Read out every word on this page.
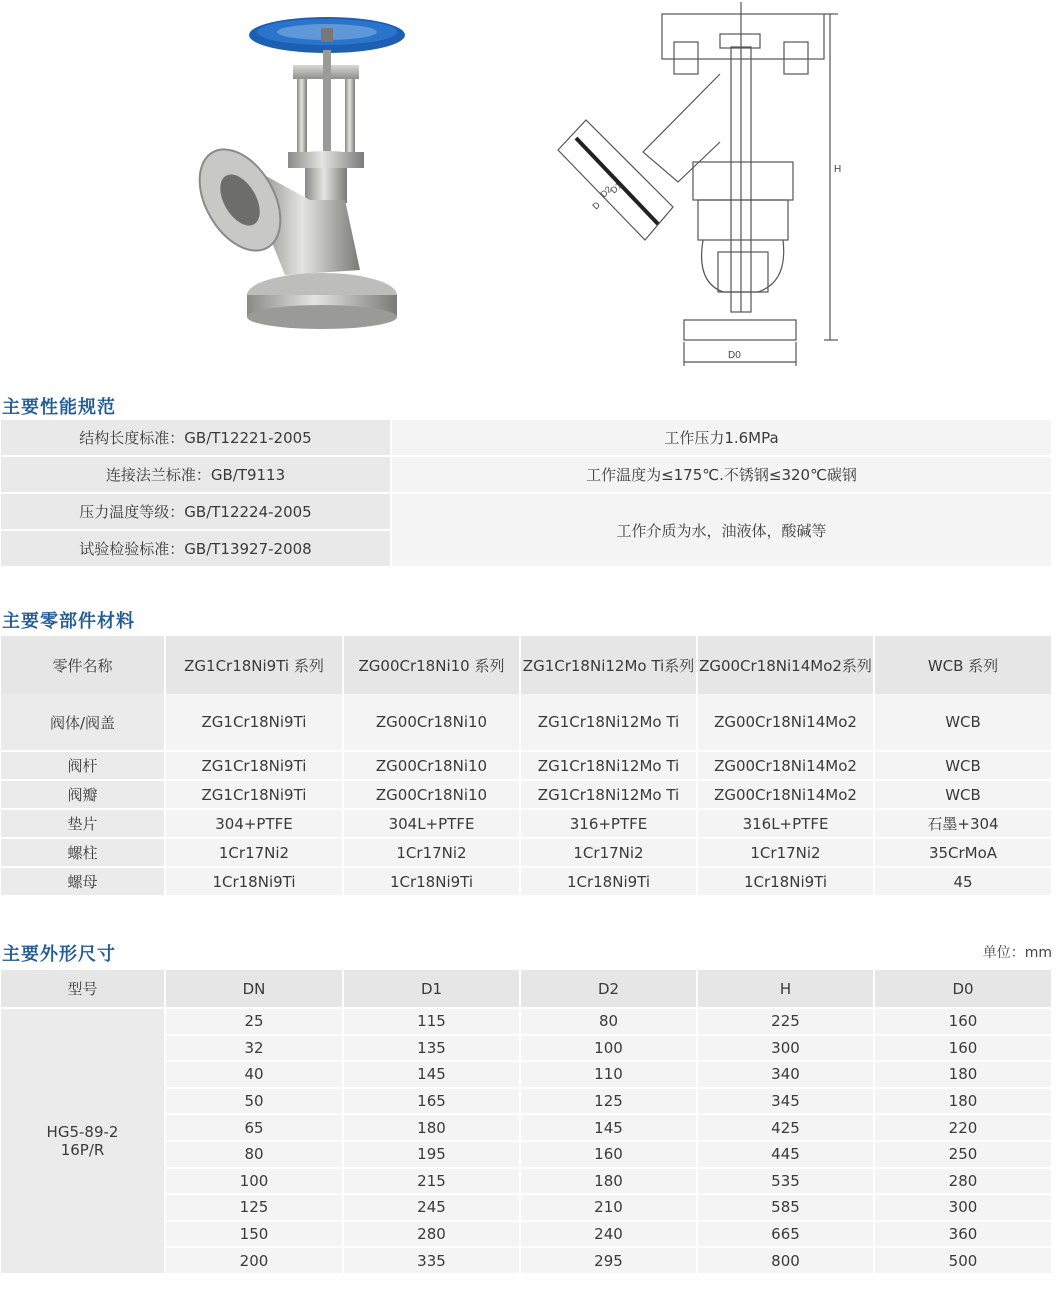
H
D0
D1
D2
D
主要性能规范
结构长度标准：GB/T12221-2005	工作压力1.6MPa
连接法兰标准：GB/T9113	工作温度为≤175℃.不锈钢≤320℃碳钢
压力温度等级：GB/T12224-2005	工作介质为水，油液体，酸碱等
试验检验标准：GB/T13927-2008	
主要零部件材料
零件名称	ZG1Cr18Ni9Ti 系列	ZG00Cr18Ni10 系列	ZG1Cr18Ni12Mo Ti系列	ZG00Cr18Ni14Mo2系列	WCB 系列
阀体/阀盖	ZG1Cr18Ni9Ti	ZG00Cr18Ni10	ZG1Cr18Ni12Mo Ti	ZG00Cr18Ni14Mo2	WCB
阀杆	ZG1Cr18Ni9Ti	ZG00Cr18Ni10	ZG1Cr18Ni12Mo Ti	ZG00Cr18Ni14Mo2	WCB
阀瓣	ZG1Cr18Ni9Ti	ZG00Cr18Ni10	ZG1Cr18Ni12Mo Ti	ZG00Cr18Ni14Mo2	WCB
垫片	304+PTFE	304L+PTFE	316+PTFE	316L+PTFE	石墨+304
螺柱	1Cr17Ni2	1Cr17Ni2	1Cr17Ni2	1Cr17Ni2	35CrMoA
螺母	1Cr18Ni9Ti	1Cr18Ni9Ti	1Cr18Ni9Ti	1Cr18Ni9Ti	45
主要外形尺寸	单位：mm
型号	DN	D1	D2	H	D0

HG5-89-2
16P/R	25	115	80	225	160
	32	135	100	300	160
	40	145	110	340	180
	50	165	125	345	180
	65	180	145	425	220
	80	195	160	445	250
	100	215	180	535	280
	125	245	210	585	300
	150	280	240	665	360
	200	335	295	800	500
